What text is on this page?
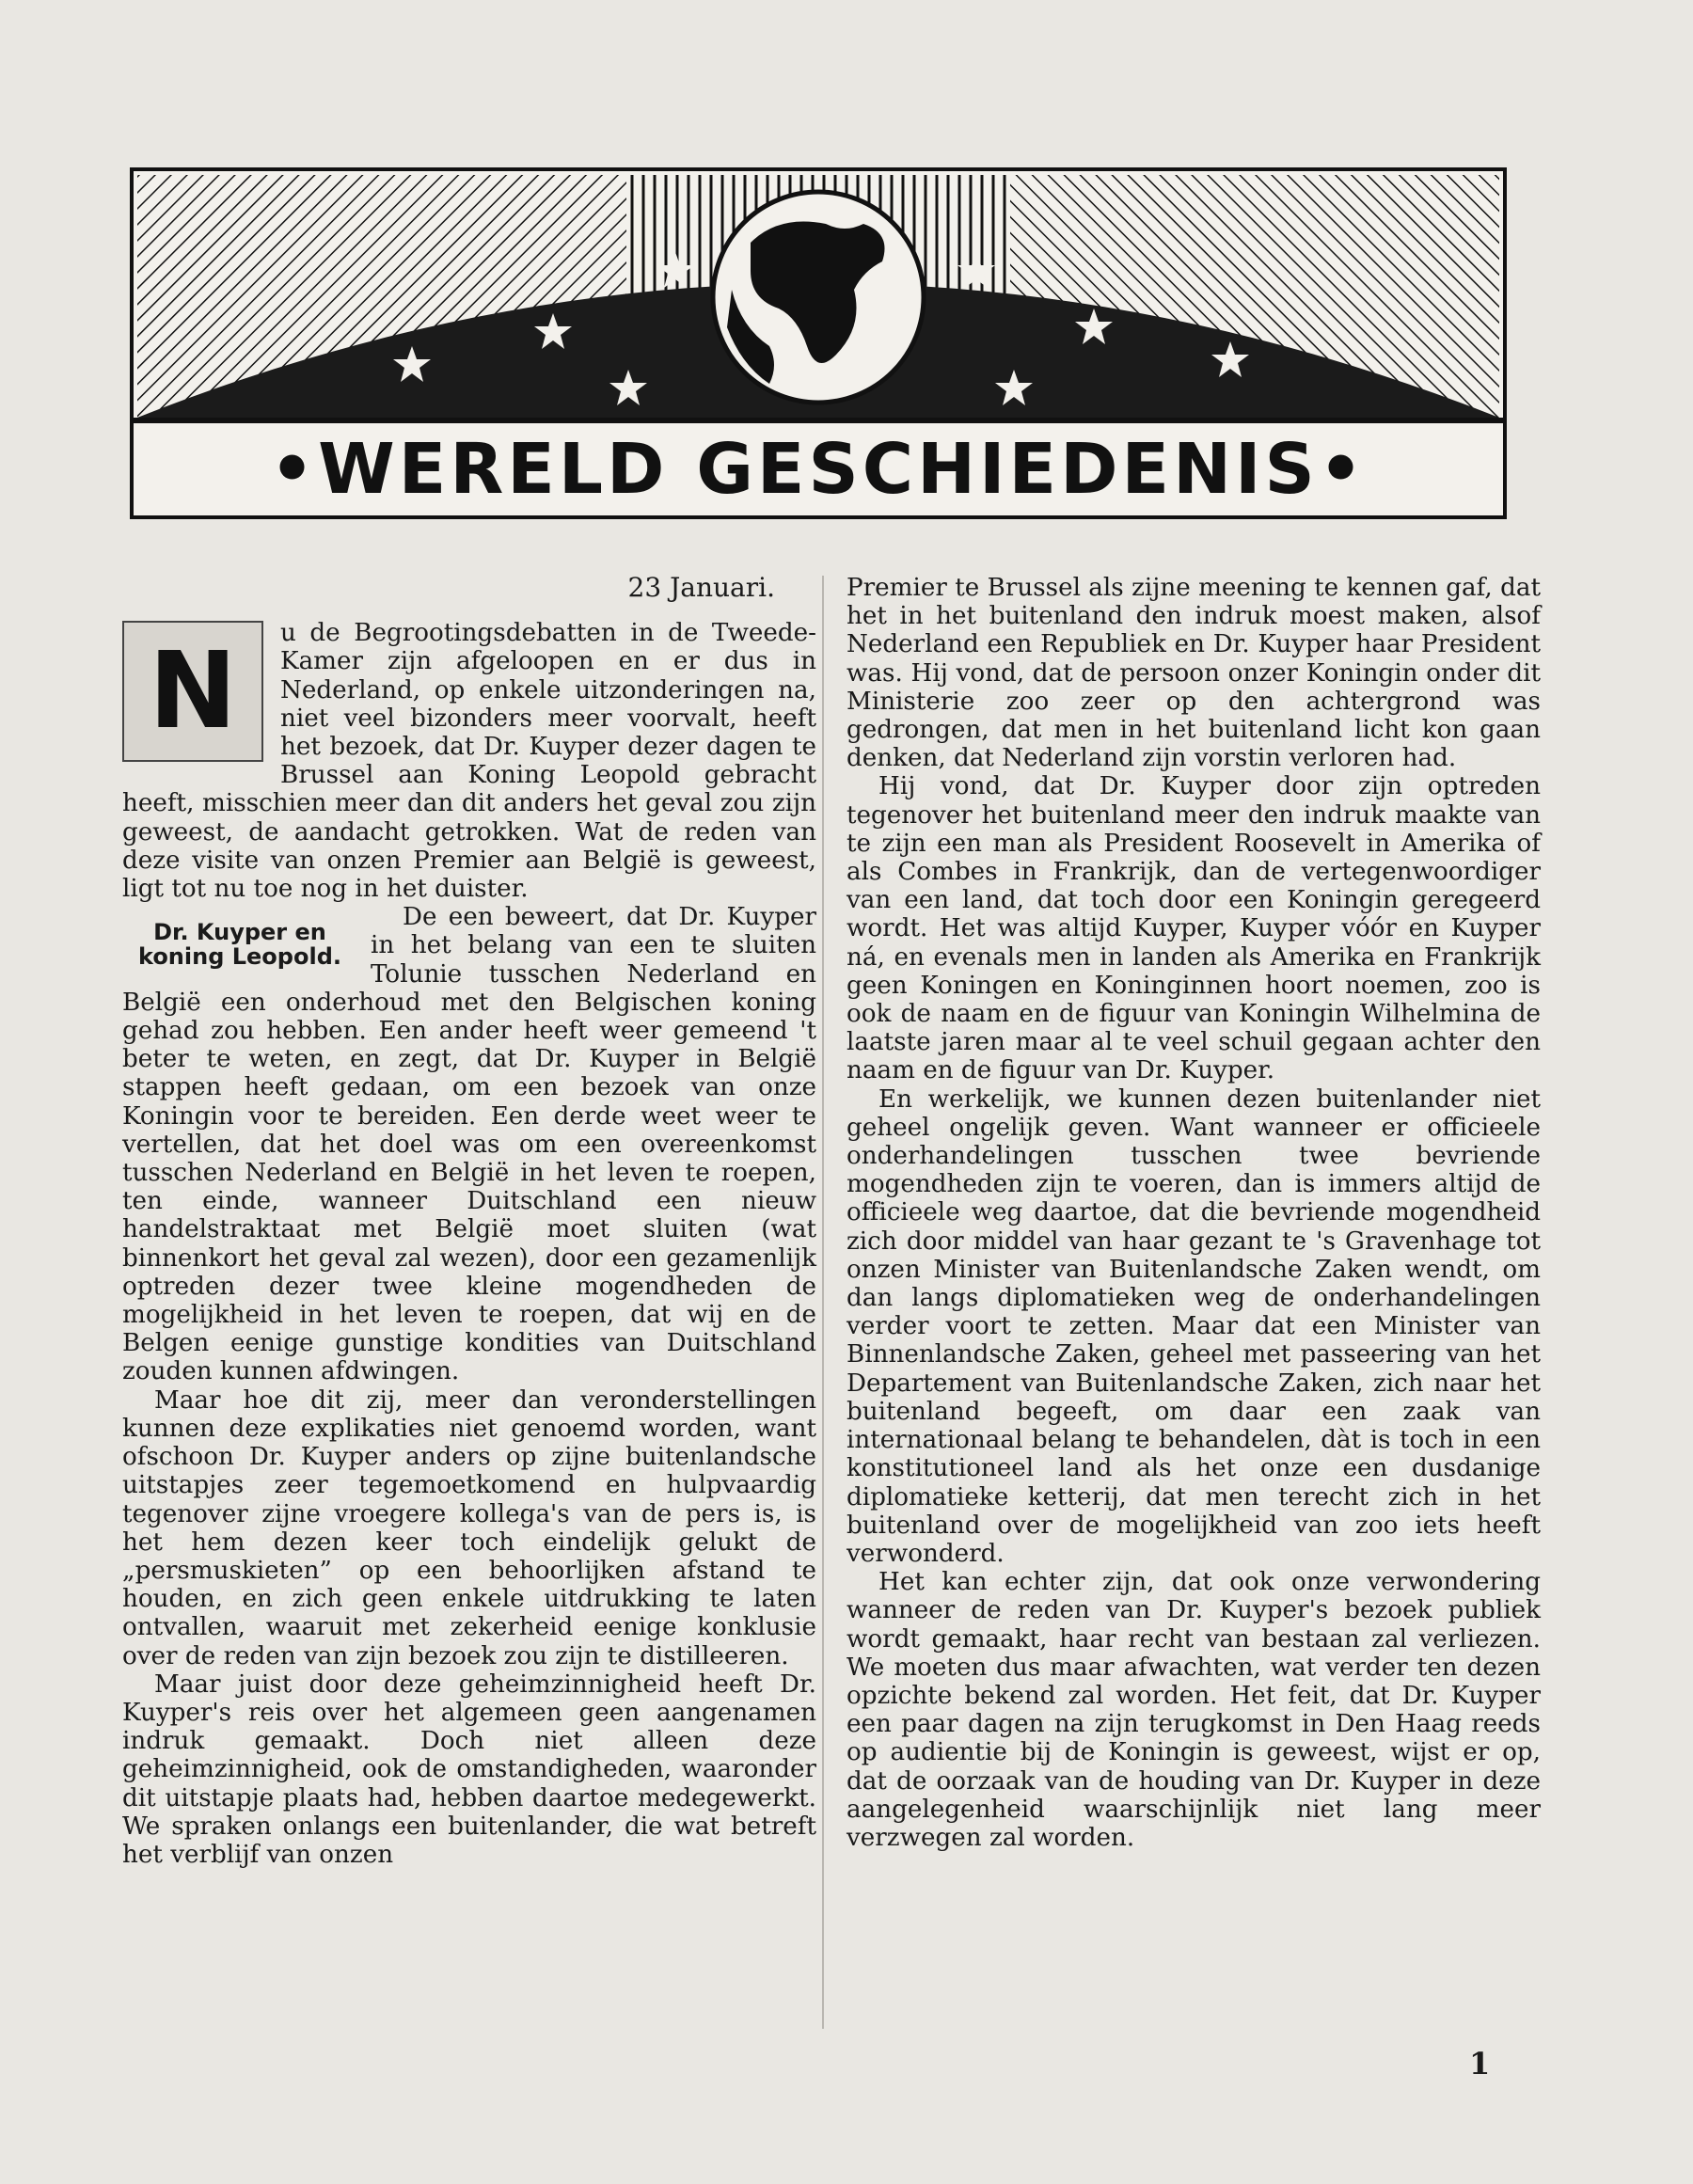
•WERELD GESCHIEDENIS•
23 Januari.
N	u de Begrootingsdebatten in de Tweede-Kamer zijn afgeloopen en er dus in Nederland, op enkele uitzonderingen na, niet veel bizonders meer voorvalt, heeft het bezoek, dat Dr. Kuyper dezer dagen te Brussel aan Koning Leopold gebracht heeft, misschien meer dan dit anders het geval zou zijn geweest, de aandacht getrokken. Wat de reden van deze visite van onzen Premier aan België is geweest, ligt tot nu toe nog in het duister.

Dr. Kuyper en koning Leopold.

De een beweert, dat Dr. Kuyper in het belang van een te sluiten Tolunie tusschen Nederland en België een onderhoud met den Belgischen koning gehad zou hebben. Een ander heeft weer gemeend 't beter te weten, en zegt, dat Dr. Kuyper in België stappen heeft gedaan, om een bezoek van onze Koningin voor te bereiden. Een derde weet weer te vertellen, dat het doel was om een overeenkomst tusschen Nederland en België in het leven te roepen, ten einde, wanneer Duitschland een nieuw handelstraktaat met België moet sluiten (wat binnenkort het geval zal wezen), door een gezamenlijk optreden dezer twee kleine mogendheden de mogelijkheid in het leven te roepen, dat wij en de Belgen eenige gunstige kondities van Duitschland zouden kunnen afdwingen.

Maar hoe dit zij, meer dan veronderstellingen kunnen deze explikaties niet genoemd worden, want ofschoon Dr. Kuyper anders op zijne buitenlandsche uitstapjes zeer tegemoetkomend en hulpvaardig tegenover zijne vroegere kollega's van de pers is, is het hem dezen keer toch eindelijk gelukt de „persmuskieten” op een behoorlijken afstand te houden, en zich geen enkele uitdrukking te laten ontvallen, waaruit met zekerheid eenige konklusie over de reden van zijn bezoek zou zijn te distilleeren.

Maar juist door deze geheimzinnigheid heeft Dr. Kuyper's reis over het algemeen geen aangenamen indruk gemaakt. Doch niet alleen deze geheimzinnigheid, ook de omstandigheden, waaronder dit uitstapje plaats had, hebben daartoe medegewerkt. We spraken onlangs een buitenlander, die wat betreft het verblijf van onzen

Premier te Brussel als zijne meening te kennen gaf, dat het in het buitenland den indruk moest maken, alsof Nederland een Republiek en Dr. Kuyper haar President was. Hij vond, dat de persoon onzer Koningin onder dit Ministerie zoo zeer op den achtergrond was gedrongen, dat men in het buitenland licht kon gaan denken, dat Nederland zijn vorstin verloren had.

Hij vond, dat Dr. Kuyper door zijn optreden tegenover het buitenland meer den indruk maakte van te zijn een man als President Roosevelt in Amerika of als Combes in Frankrijk, dan de vertegenwoordiger van een land, dat toch door een Koningin geregeerd wordt. Het was altijd Kuyper, Kuyper vóór en Kuyper ná, en evenals men in landen als Amerika en Frankrijk geen Koningen en Koninginnen hoort noemen, zoo is ook de naam en de figuur van Koningin Wilhelmina de laatste jaren maar al te veel schuil gegaan achter den naam en de figuur van Dr. Kuyper.

En werkelijk, we kunnen dezen buitenlander niet geheel ongelijk geven. Want wanneer er officieele onderhandelingen tusschen twee bevriende mogendheden zijn te voeren, dan is immers altijd de officieele weg daartoe, dat die bevriende mogendheid zich door middel van haar gezant te 's Gravenhage tot onzen Minister van Buitenlandsche Zaken wendt, om dan langs diplomatieken weg de onderhandelingen verder voort te zetten. Maar dat een Minister van Binnenlandsche Zaken, geheel met passeering van het Departement van Buitenlandsche Zaken, zich naar het buitenland begeeft, om daar een zaak van internationaal belang te behandelen, dàt is toch in een konstitutioneel land als het onze een dusdanige diplomatieke ketterij, dat men terecht zich in het buitenland over de mogelijkheid van zoo iets heeft verwonderd.

Het kan echter zijn, dat ook onze verwondering wanneer de reden van Dr. Kuyper's bezoek publiek wordt gemaakt, haar recht van bestaan zal verliezen. We moeten dus maar afwachten, wat verder ten dezen opzichte bekend zal worden. Het feit, dat Dr. Kuyper een paar dagen na zijn terugkomst in Den Haag reeds op audientie bij de Koningin is geweest, wijst er op, dat de oorzaak van de houding van Dr. Kuyper in deze aangelegenheid waarschijnlijk niet lang meer verzwegen zal worden.

1
